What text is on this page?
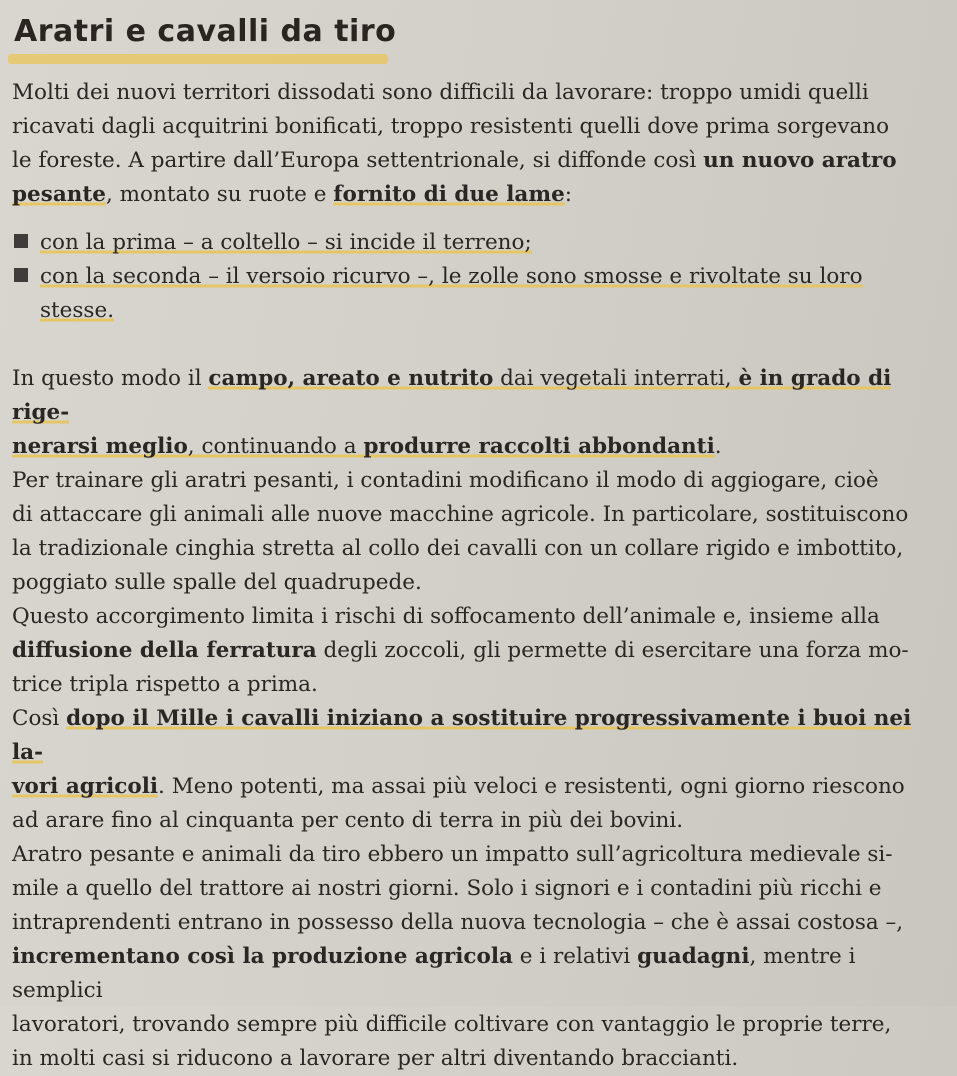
Aratri e cavalli da tiro

Molti dei nuovi territori dissodati sono difficili da lavorare: troppo umidi quelli

ricavati dagli acquitrini bonificati, troppo resistenti quelli dove prima sorgevano

le foreste. A partire dall’Europa settentrionale, si diffonde così un nuovo aratro

pesante, montato su ruote e fornito di due lame:

con la prima – a coltello – si incide il terreno;

con la seconda – il versoio ricurvo –, le zolle sono smosse e rivoltate su loro

stesse.

In questo modo il campo, areato e nutrito dai vegetali interrati, è in grado di rige-

nerarsi meglio, continuando a produrre raccolti abbondanti.

Per trainare gli aratri pesanti, i contadini modificano il modo di aggiogare, cioè

di attaccare gli animali alle nuove macchine agricole. In particolare, sostituiscono

la tradizionale cinghia stretta al collo dei cavalli con un collare rigido e imbottito,

poggiato sulle spalle del quadrupede.

Questo accorgimento limita i rischi di soffocamento dell’animale e, insieme alla

diffusione della ferratura degli zoccoli, gli permette di esercitare una forza mo-

trice tripla rispetto a prima.

Così dopo il Mille i cavalli iniziano a sostituire progressivamente i buoi nei la-

vori agricoli. Meno potenti, ma assai più veloci e resistenti, ogni giorno riescono

ad arare fino al cinquanta per cento di terra in più dei bovini.

Aratro pesante e animali da tiro ebbero un impatto sull’agricoltura medievale si-

mile a quello del trattore ai nostri giorni. Solo i signori e i contadini più ricchi e

intraprendenti entrano in possesso della nuova tecnologia – che è assai costosa –,

incrementano così la produzione agricola e i relativi guadagni, mentre i semplici

lavoratori, trovando sempre più difficile coltivare con vantaggio le proprie terre,

in molti casi si riducono a lavorare per altri diventando braccianti.
